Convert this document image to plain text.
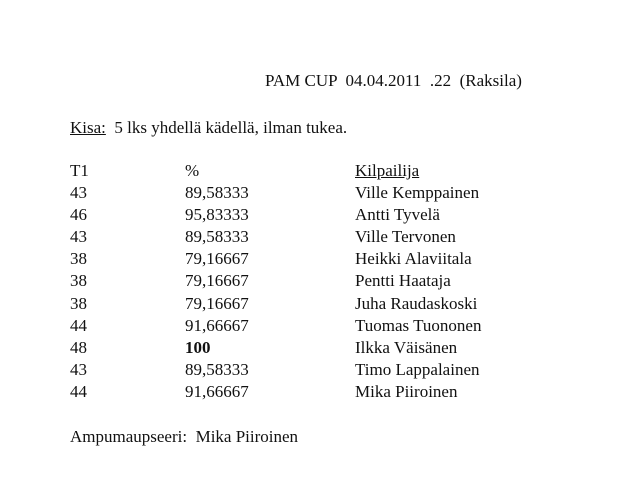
PAM CUP  04.04.2011  .22  (Raksila)
Kisa:  5 lks yhdellä kädellä, ilman tukea.
T1	%	Kilpailija
43	89,58333	Ville Kemppainen
46	95,83333	Antti Tyvelä
43	89,58333	Ville Tervonen
38	79,16667	Heikki Alaviitala
38	79,16667	Pentti Haataja
38	79,16667	Juha Raudaskoski
44	91,66667	Tuomas Tuononen
48	100	Ilkka Väisänen
43	89,58333	Timo Lappalainen
44	91,66667	Mika Piiroinen
Ampumaupseeri:  Mika Piiroinen
